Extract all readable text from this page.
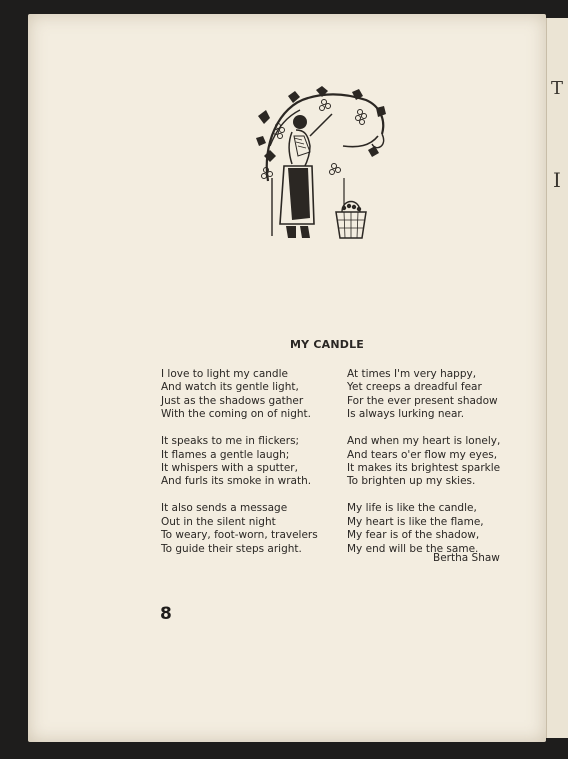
T
I
MY CANDLE
I love to light my candle
And watch its gentle light,
Just as the shadows gather
With the coming on of night.
It speaks to me in flickers;
It flames a gentle laugh;
It whispers with a sputter,
And furls its smoke in wrath.
It also sends a message
Out in the silent night
To weary, foot-worn, travelers
To guide their steps aright.
At times I'm very happy,
Yet creeps a dreadful fear
For the ever present shadow
Is always lurking near.
And when my heart is lonely,
And tears o'er flow my eyes,
It makes its brightest sparkle
To brighten up my skies.
My life is like the candle,
My heart is like the flame,
My fear is of the shadow,
My end will be the same.
Bertha Shaw
8
